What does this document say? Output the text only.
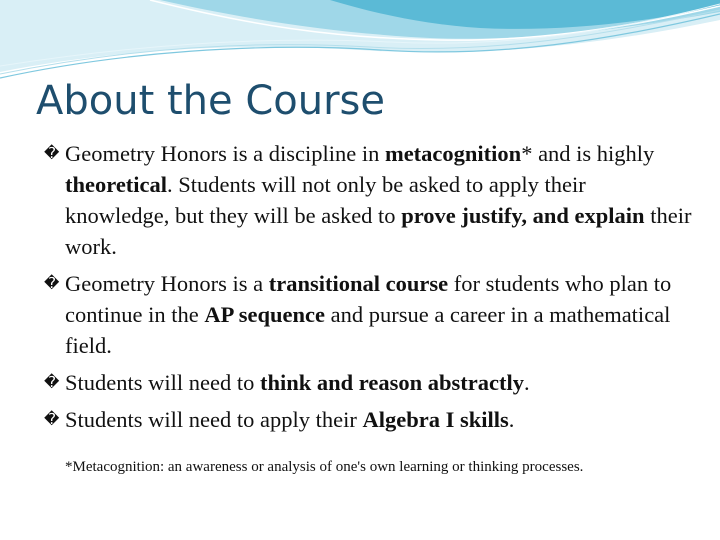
About the Course
� Geometry Honors is a discipline in metacognition* and is highly theoretical. Students will not only be asked to apply their knowledge, but they will be asked to prove justify, and explain their work.
� Geometry Honors is a transitional course for students who plan to continue in the AP sequence and pursue a career in a mathematical field.
� Students will need to think and reason abstractly.
� Students will need to apply their Algebra I skills.
*Metacognition: an awareness or analysis of one's own learning or thinking processes.
